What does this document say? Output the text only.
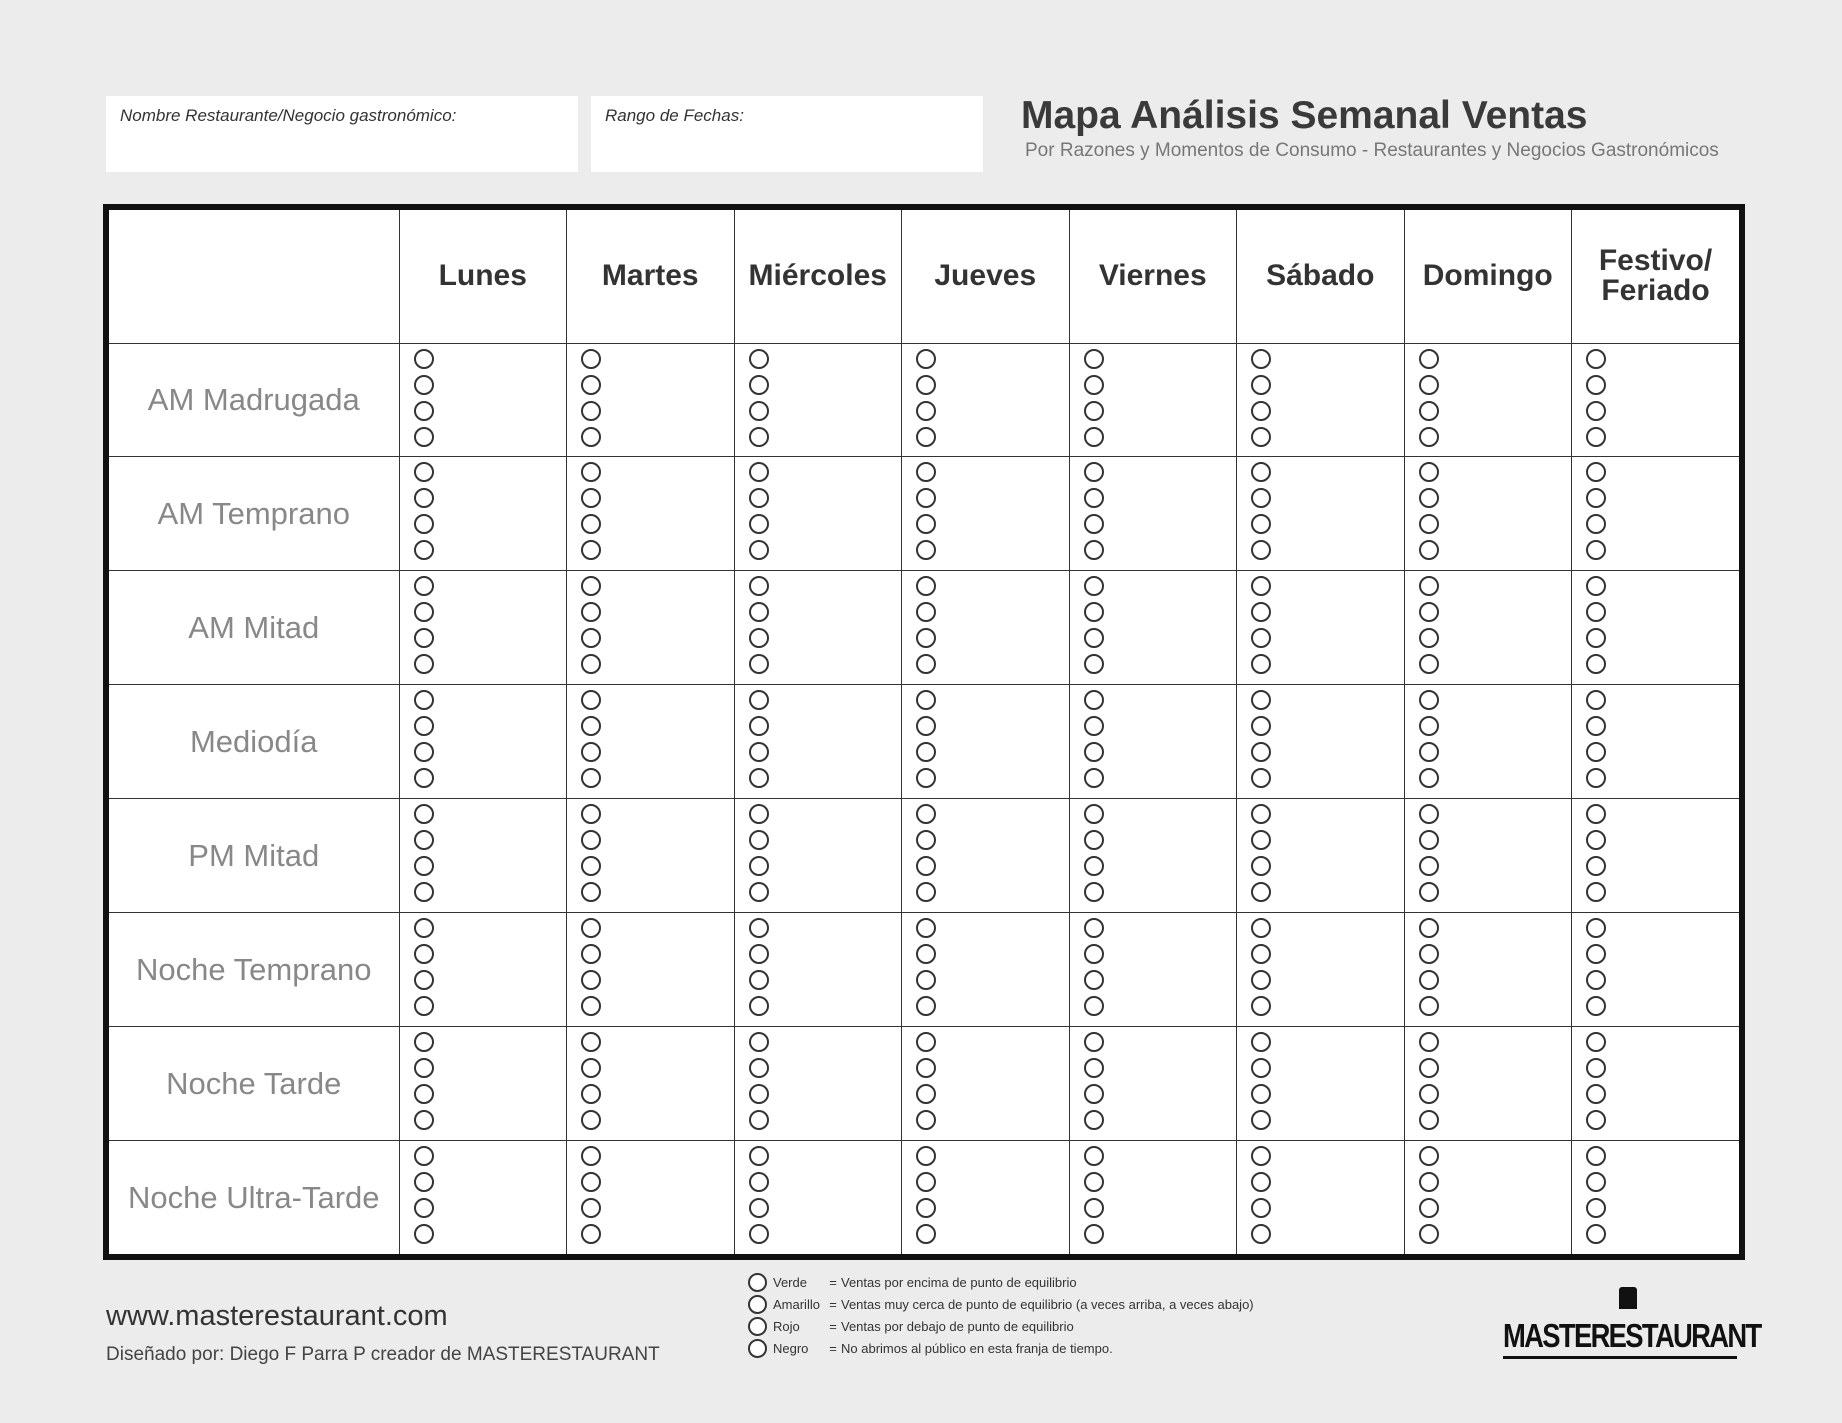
Nombre Restaurante/Negocio gastronómico:	Rango de Fechas:	Mapa Análisis Semanal Ventas
Por Razones y Momentos de Consumo - Restaurantes y Negocios Gastronómicos
	Lunes	Martes	Miércoles	Jueves	Viernes	Sábado	Domingo	Festivo/
Feriado
AM Madrugada	

AM Temprano	

AM Mitad	

Mediodía	

PM Mitad	

Noche Temprano	

Noche Tarde	

Noche Ultra-Tarde	

Verde	= Ventas por encima de punto de equilibrio
Amarillo = Ventas muy cerca de punto de equilibrio (a veces arriba, a veces abajo)
Rojo	= Ventas por debajo de punto de equilibrio
Negro	= No abrimos al público en esta franja de tiempo.
www.masterestaurant.com
Diseñado por: Diego F Parra P creador de MASTERESTAURANT
MASTERESTAURANT
